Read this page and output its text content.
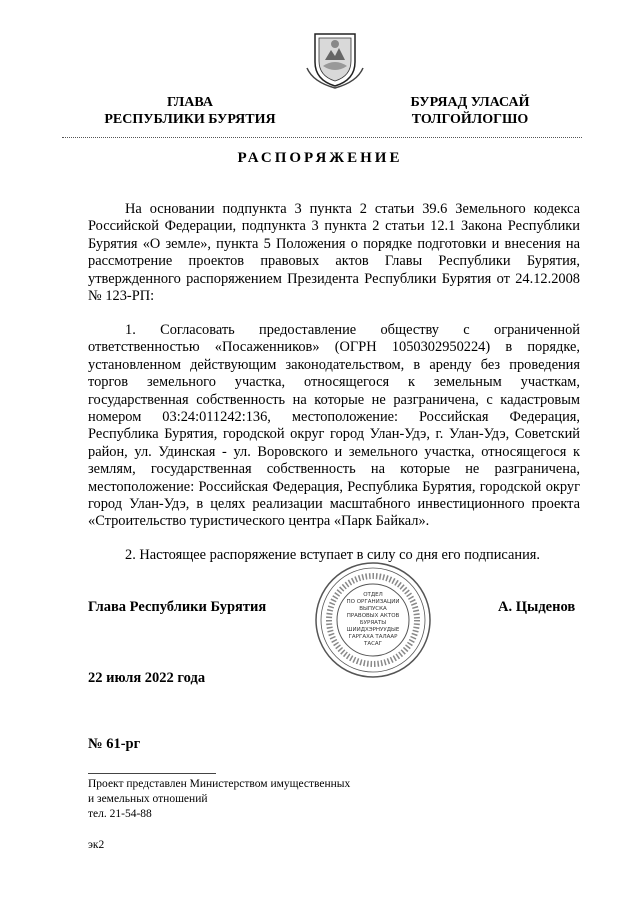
ГЛАВА
РЕСПУБЛИКИ БУРЯТИЯ
БУРЯАД УЛАСАЙ
ТОЛГОЙЛОГШО
РАСПОРЯЖЕНИЕ
На основании подпункта 3 пункта 2 статьи 39.6 Земельного кодекса Российской Федерации, подпункта 3 пункта 2 статьи 12.1 Закона Республики Бурятия «О земле», пункта 5 Положения о порядке подготовки и внесения на рассмотрение проектов правовых актов Главы Республики Бурятия, утвержденного распоряжением Президента Республики Бурятия от 24.12.2008 № 123-РП:
1. Согласовать предоставление обществу с ограниченной ответственностью «Посаженников» (ОГРН 1050302950224) в порядке, установленном действующим законодательством, в аренду без проведения торгов земельного участка, относящегося к земельным участкам, государственная собственность на которые не разграничена, с кадастровым номером 03:24:011242:136, местоположение: Российская Федерация, Республика Бурятия, городской округ город Улан-Удэ, г. Улан-Удэ, Советский район, ул. Удинская - ул. Воровского и земельного участка, относящегося к землям, государственная собственность на которые не разграничена, местоположение: Российская Федерация, Республика Бурятия, городской округ город Улан-Удэ, в целях реализации масштабного инвестиционного проекта «Строительство туристического центра «Парк Байкал».
2. Настоящее распоряжение вступает в силу со дня его подписания.
Глава Республики Бурятия
ОТДЕЛ
ПО ОРГАНИЗАЦИИ
ВЫПУСКА
ПРАВОВЫХ АКТОВ
БУРЯАТЫ
ШИИДХЭРНУУДЫЕ
ГАРГАХА ТАЛААР
ТАСАГ
А. Цыденов
22 июля 2022 года
№ 61-рг
Проект представлен Министерством имущественных
и земельных отношений
тел. 21-54-88
эк2
